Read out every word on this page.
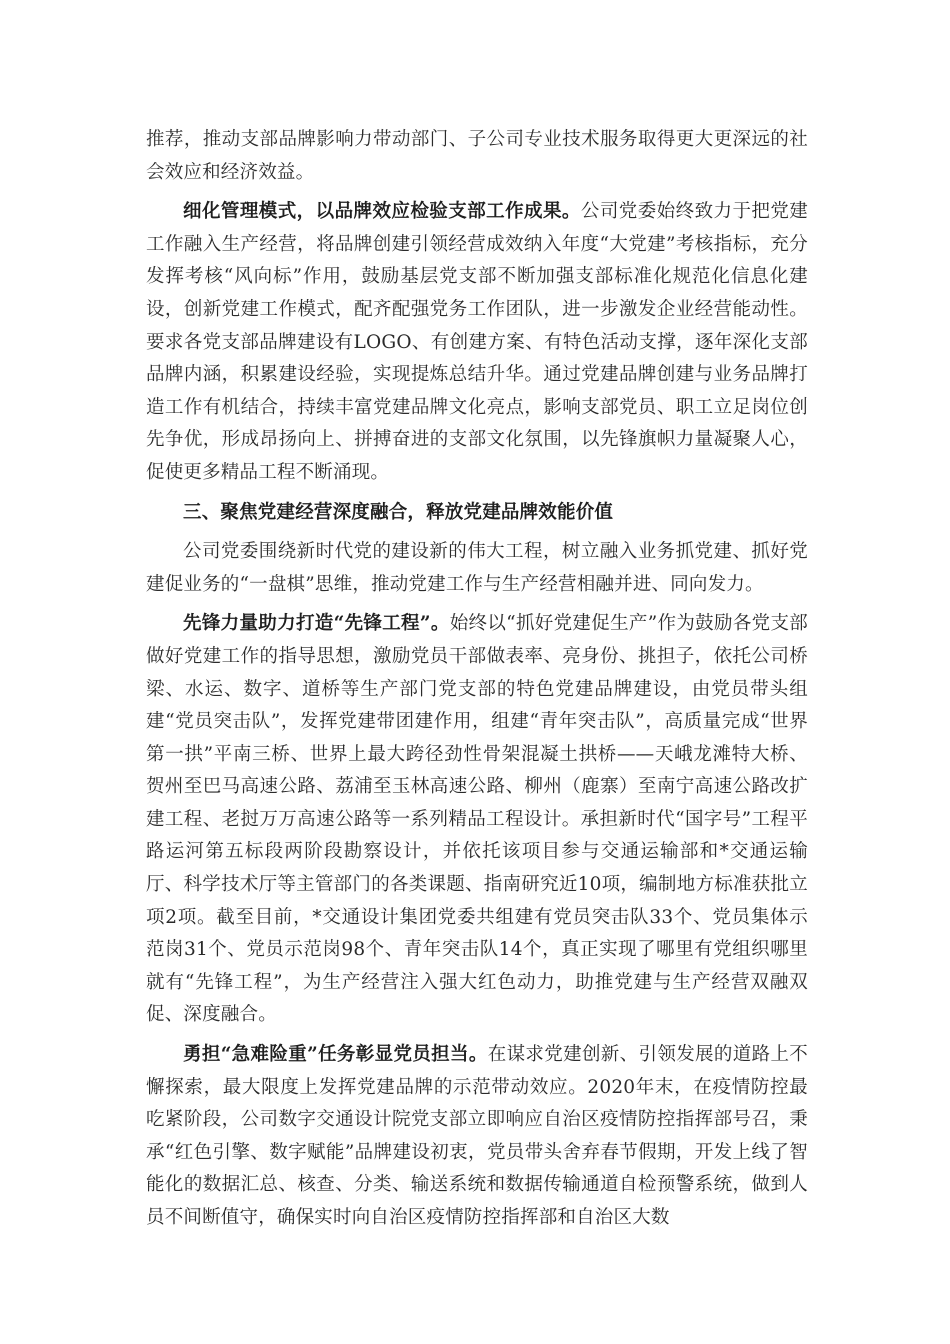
推荐，推动支部品牌影响力带动部门、子公司专业技术服务取得更大更深远的社会效应和经济效益。

细化管理模式，以品牌效应检验支部工作成果。公司党委始终致力于把党建工作融入生产经营，将品牌创建引领经营成效纳入年度“大党建”考核指标，充分发挥考核“风向标”作用，鼓励基层党支部不断加强支部标准化规范化信息化建设，创新党建工作模式，配齐配强党务工作团队，进一步激发企业经营能动性。要求各党支部品牌建设有LOGO、有创建方案、有特色活动支撑，逐年深化支部品牌内涵，积累建设经验，实现提炼总结升华。通过党建品牌创建与业务品牌打造工作有机结合，持续丰富党建品牌文化亮点，影响支部党员、职工立足岗位创先争优，形成昂扬向上、拼搏奋进的支部文化氛围，以先锋旗帜力量凝聚人心，促使更多精品工程不断涌现。

三、聚焦党建经营深度融合，释放党建品牌效能价值

公司党委围绕新时代党的建设新的伟大工程，树立融入业务抓党建、抓好党建促业务的“一盘棋”思维，推动党建工作与生产经营相融并进、同向发力。

先锋力量助力打造“先锋工程”。始终以“抓好党建促生产”作为鼓励各党支部做好党建工作的指导思想，激励党员干部做表率、亮身份、挑担子，依托公司桥梁、水运、数字、道桥等生产部门党支部的特色党建品牌建设，由党员带头组建“党员突击队”，发挥党建带团建作用，组建“青年突击队”，高质量完成“世界第一拱”平南三桥、世界上最大跨径劲性骨架混凝土拱桥——天峨龙滩特大桥、贺州至巴马高速公路、荔浦至玉林高速公路、柳州（鹿寨）至南宁高速公路改扩建工程、老挝万万高速公路等一系列精品工程设计。承担新时代“国字号”工程平路运河第五标段两阶段勘察设计，并依托该项目参与交通运输部和*交通运输厅、科学技术厅等主管部门的各类课题、指南研究近10项，编制地方标准获批立项2项。截至目前，*交通设计集团党委共组建有党员突击队33个、党员集体示范岗31个、党员示范岗98个、青年突击队14个，真正实现了哪里有党组织哪里就有“先锋工程”，为生产经营注入强大红色动力，助推党建与生产经营双融双促、深度融合。

勇担“急难险重”任务彰显党员担当。在谋求党建创新、引领发展的道路上不懈探索，最大限度上发挥党建品牌的示范带动效应。2020年末，在疫情防控最吃紧阶段，公司数字交通设计院党支部立即响应自治区疫情防控指挥部号召，秉承“红色引擎、数字赋能”品牌建设初衷，党员带头舍弃春节假期，开发上线了智能化的数据汇总、核查、分类、输送系统和数据传输通道自检预警系统，做到人员不间断值守，确保实时向自治区疫情防控指挥部和自治区大数
